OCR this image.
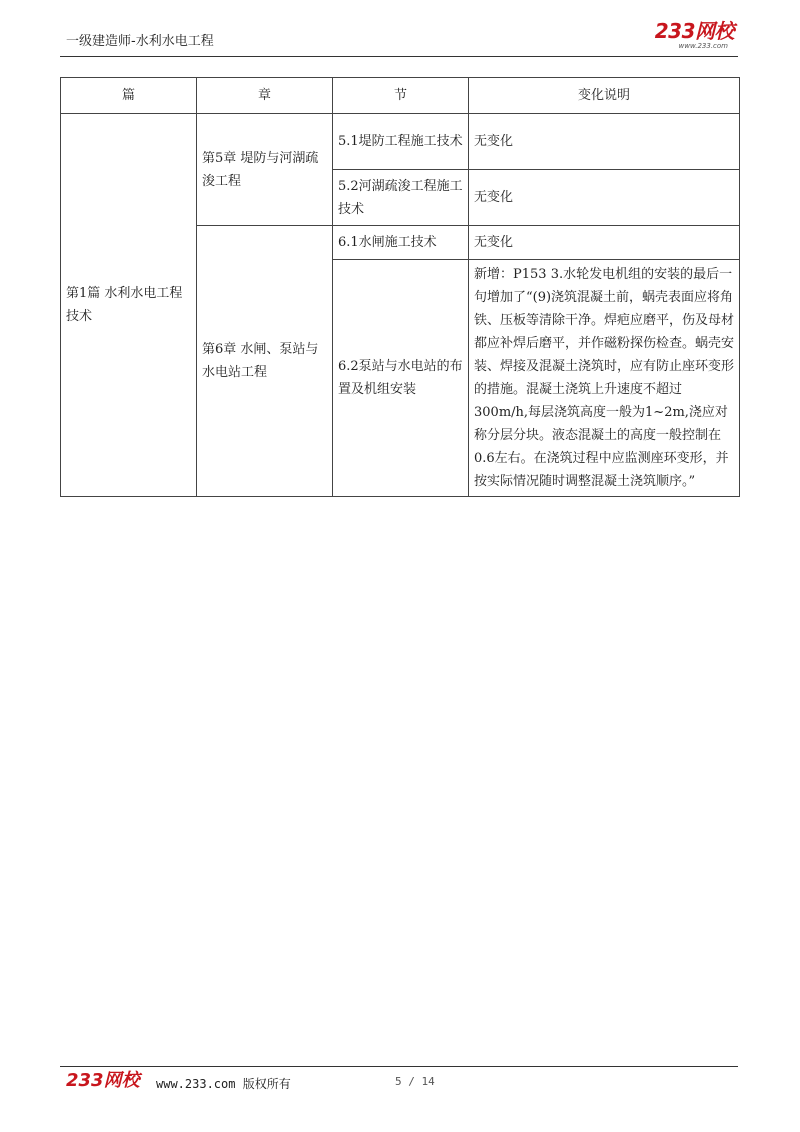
一级建造师-水利水电工程	233网校
www.233.com
篇	章	节	变化说明
第1篇 水利水电工程技术	第5章 堤防与河湖疏浚工程	5.1堤防工程施工技术	无变化
		5.2河湖疏浚工程施工技术	无变化
	第6章 水闸、泵站与水电站工程	6.1水闸施工技术	无变化
		6.2泵站与水电站的布置及机组安装	新增：P153 3.水轮发电机组的安装的最后一句增加了“(9)浇筑混凝土前，蜗壳表面应将角铁、压板等清除干净。焊疤应磨平，伤及母材都应补焊后磨平，并作磁粉探伤检查。蜗壳安装、焊接及混凝土浇筑时，应有防止座环变形的措施。混凝土浇筑上升速度不超过300m/h,每层浇筑高度一般为1~2m,浇应对称分层分块。液态混凝土的高度一般控制在0.6左右。在浇筑过程中应监测座环变形，并按实际情况随时调整混凝土浇筑顺序。”
233网校 www.233.com 版权所有	5 / 14
